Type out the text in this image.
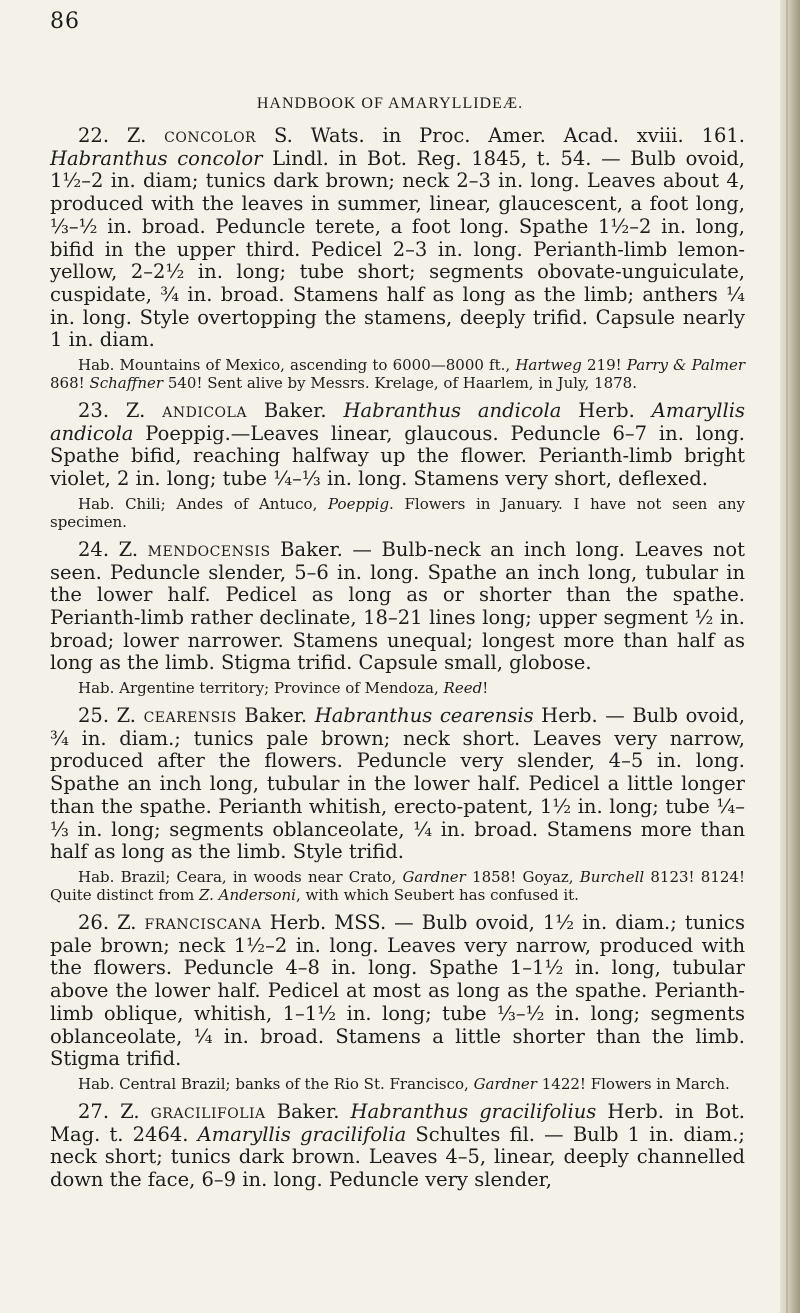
86
HANDBOOK OF AMARYLLIDEÆ.

22. Z. concolor S. Wats. in Proc. Amer. Acad. xviii. 161. Habranthus concolor Lindl. in Bot. Reg. 1845, t. 54. — Bulb ovoid, 1½–2 in. diam; tunics dark brown; neck 2–3 in. long. Leaves about 4, produced with the leaves in summer, linear, glaucescent, a foot long, ⅓–½ in. broad. Peduncle terete, a foot long. Spathe 1½–2 in. long, bifid in the upper third. Pedicel 2–3 in. long. Perianth-limb lemon-yellow, 2–2½ in. long; tube short; segments obovate-unguiculate, cuspidate, ¾ in. broad. Stamens half as long as the limb; anthers ¼ in. long. Style overtopping the stamens, deeply trifid. Capsule nearly 1 in. diam.

Hab. Mountains of Mexico, ascending to 6000—8000 ft., Hartweg 219! Parry & Palmer 868! Schaffner 540! Sent alive by Messrs. Krelage, of Haarlem, in July, 1878.

23. Z. andicola Baker. Habranthus andicola Herb. Amaryllis andicola Poeppig.—Leaves linear, glaucous. Peduncle 6–7 in. long. Spathe bifid, reaching halfway up the flower. Perianth-limb bright violet, 2 in. long; tube ¼–⅓ in. long. Stamens very short, deflexed.

Hab. Chili; Andes of Antuco, Poeppig. Flowers in January. I have not seen any specimen.

24. Z. mendocensis Baker. — Bulb-neck an inch long. Leaves not seen. Peduncle slender, 5–6 in. long. Spathe an inch long, tubular in the lower half. Pedicel as long as or shorter than the spathe. Perianth-limb rather declinate, 18–21 lines long; upper segment ½ in. broad; lower narrower. Stamens unequal; longest more than half as long as the limb. Stigma trifid. Capsule small, globose.

Hab. Argentine territory; Province of Mendoza, Reed!

25. Z. cearensis Baker. Habranthus cearensis Herb. — Bulb ovoid, ¾ in. diam.; tunics pale brown; neck short. Leaves very narrow, produced after the flowers. Peduncle very slender, 4–5 in. long. Spathe an inch long, tubular in the lower half. Pedicel a little longer than the spathe. Perianth whitish, erecto-patent, 1½ in. long; tube ¼–⅓ in. long; segments oblanceolate, ¼ in. broad. Stamens more than half as long as the limb. Style trifid.

Hab. Brazil; Ceara, in woods near Crato, Gardner 1858! Goyaz, Burchell 8123! 8124! Quite distinct from Z. Andersoni, with which Seubert has confused it.

26. Z. franciscana Herb. MSS. — Bulb ovoid, 1½ in. diam.; tunics pale brown; neck 1½–2 in. long. Leaves very narrow, produced with the flowers. Peduncle 4–8 in. long. Spathe 1–1½ in. long, tubular above the lower half. Pedicel at most as long as the spathe. Perianth-limb oblique, whitish, 1–1½ in. long; tube ⅓–½ in. long; segments oblanceolate, ¼ in. broad. Stamens a little shorter than the limb. Stigma trifid.

Hab. Central Brazil; banks of the Rio St. Francisco, Gardner 1422! Flowers in March.

27. Z. gracilifolia Baker. Habranthus gracilifolius Herb. in Bot. Mag. t. 2464. Amaryllis gracilifolia Schultes fil. — Bulb 1 in. diam.; neck short; tunics dark brown. Leaves 4–5, linear, deeply channelled down the face, 6–9 in. long. Peduncle very slender,
